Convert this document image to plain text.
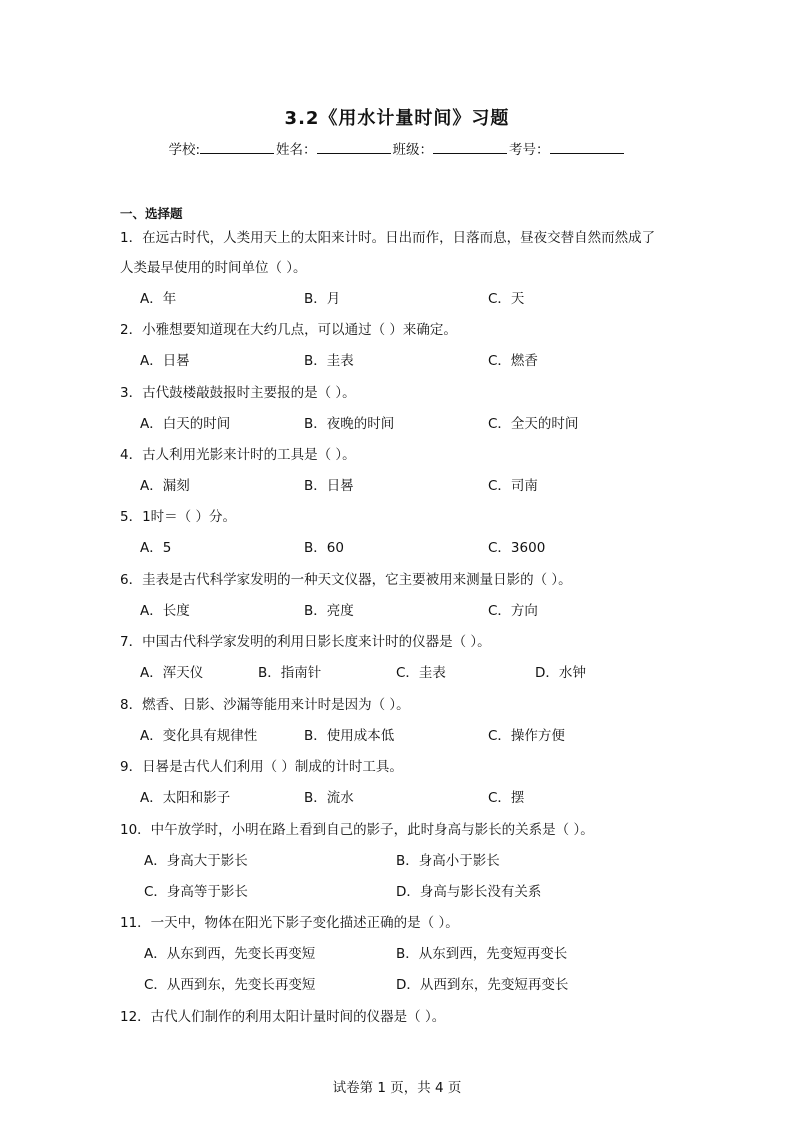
3.2《用水计量时间》习题
学校:	姓名：	班级：	考号：
一、选择题
1．在远古时代，人类用天上的太阳来计时。日出而作，日落而息，昼夜交替自然而然成了
人类最早使用的时间单位（ ）。
A．年	B．月	C．天
2．小雅想要知道现在大约几点，可以通过（ ）来确定。
A．日晷	B．圭表	C．燃香
3．古代鼓楼敲鼓报时主要报的是（ ）。
A．白天的时间	B．夜晚的时间	C．全天的时间
4．古人利用光影来计时的工具是（ ）。
A．漏刻	B．日晷	C．司南
5．1时＝（ ）分。
A．5	B．60	C．3600
6．圭表是古代科学家发明的一种天文仪器，它主要被用来测量日影的（ ）。
A．长度	B．亮度	C．方向
7．中国古代科学家发明的利用日影长度来计时的仪器是（ ）。
A．浑天仪	B．指南针	C．圭表	D．水钟
8．燃香、日影、沙漏等能用来计时是因为（ ）。
A．变化具有规律性	B．使用成本低	C．操作方便
9．日晷是古代人们利用（ ）制成的计时工具。
A．太阳和影子	B．流水	C．摆
10．中午放学时，小明在路上看到自己的影子，此时身高与影长的关系是（ ）。
A．身高大于影长	B．身高小于影长
C．身高等于影长	D．身高与影长没有关系
11．一天中，物体在阳光下影子变化描述正确的是（ ）。
A．从东到西，先变长再变短	B．从东到西，先变短再变长
C．从西到东，先变长再变短	D．从西到东，先变短再变长
12．古代人们制作的利用太阳计量时间的仪器是（ ）。
试卷第 1 页，共 4 页
